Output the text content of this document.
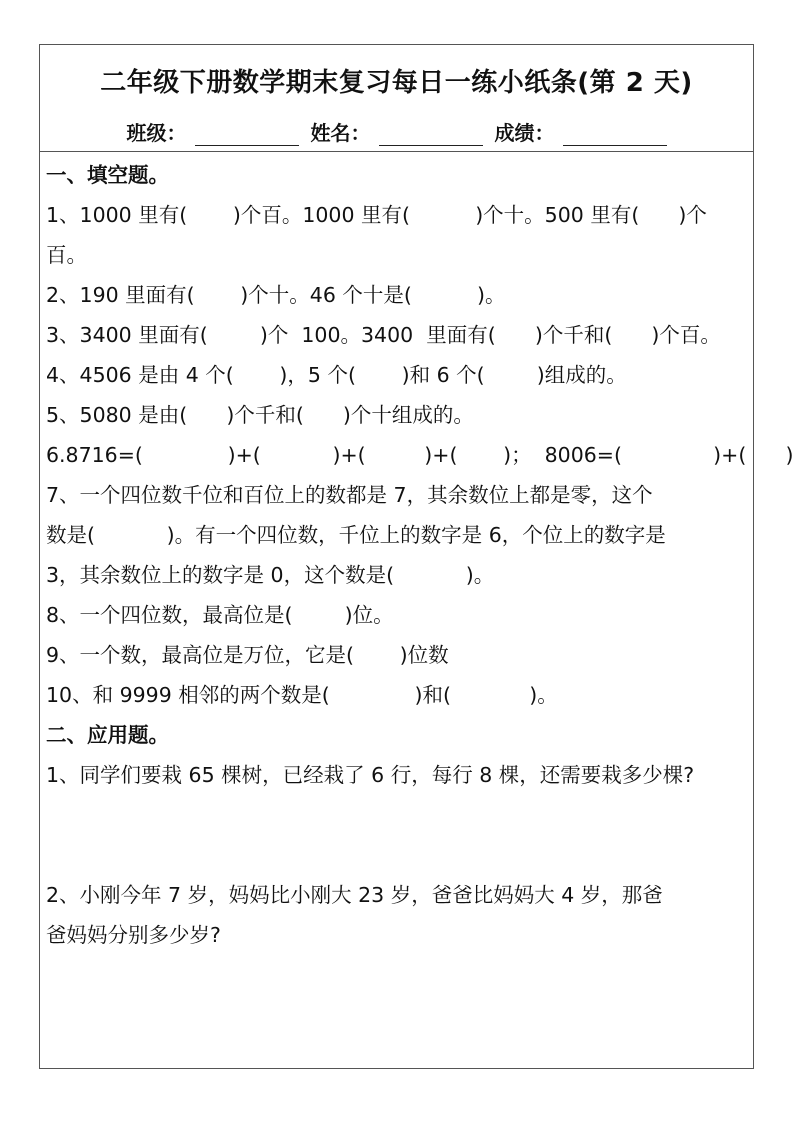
二年级下册数学期末复习每日一练小纸条(第 2 天)
班级：	姓名：	成绩：
一、填空题。
1、1000 里有(       )个百。1000 里有(          )个十。500 里有(      )个
百。
2、190 里面有(       )个十。46 个十是(          )。
3、3400 里面有(        )个  100。3400  里面有(      )个千和(      )个百。
4、4506 是由 4 个(       )，5 个(       )和 6 个(        )组成的。
5、5080 是由(      )个千和(      )个十组成的。
6.8716=(             )+(           )+(         )+(       )；  8006=(              )+(      )
7、一个四位数千位和百位上的数都是 7，其余数位上都是零，这个
数是(           )。有一个四位数，千位上的数字是 6，个位上的数字是
3，其余数位上的数字是 0，这个数是(           )。
8、一个四位数，最高位是(        )位。
9、一个数，最高位是万位，它是(       )位数
10、和 9999 相邻的两个数是(             )和(            )。
二、应用题。
1、同学们要栽 65 棵树，已经栽了 6 行，每行 8 棵，还需要栽多少棵?
2、小刚今年 7 岁，妈妈比小刚大 23 岁，爸爸比妈妈大 4 岁，那爸
爸妈妈分别多少岁?
